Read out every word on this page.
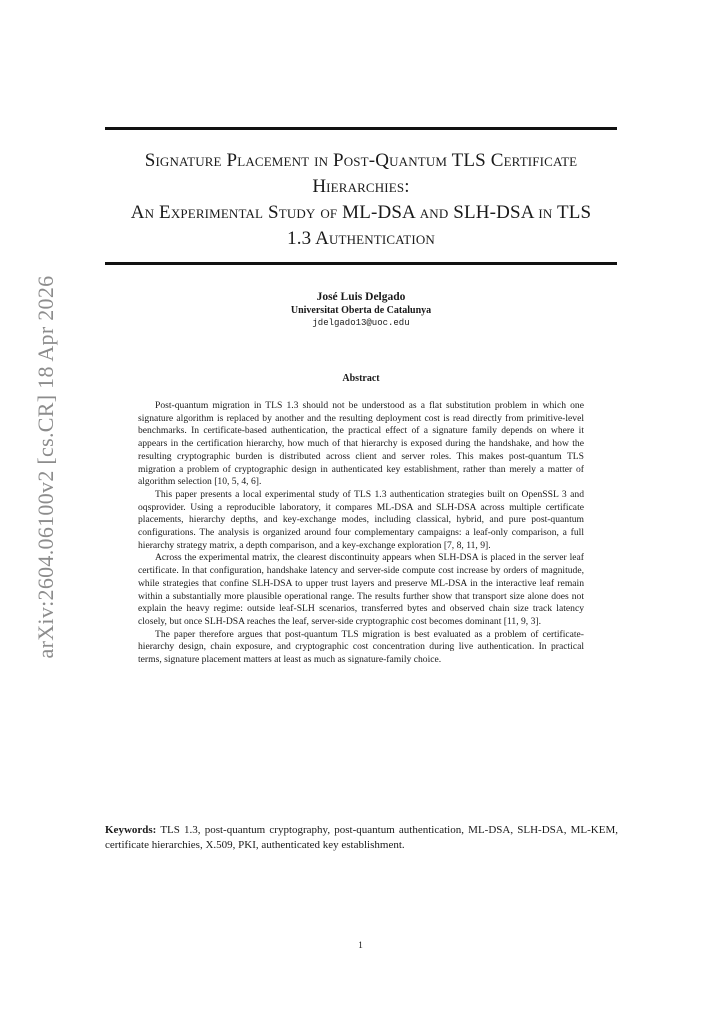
arXiv:2604.06100v2 [cs.CR] 18 Apr 2026
Signature Placement in Post-Quantum TLS Certificate
Hierarchies:
An Experimental Study of ML-DSA and SLH-DSA in TLS
1.3 Authentication
José Luis Delgado
Universitat Oberta de Catalunya
jdelgado13@uoc.edu
Abstract

Post-quantum migration in TLS 1.3 should not be understood as a flat substitution problem in which one signature algorithm is replaced by another and the resulting deployment cost is read directly from primitive-level benchmarks. In certificate-based authentication, the practical effect of a signature family depends on where it appears in the certification hierarchy, how much of that hierarchy is exposed during the handshake, and how the resulting cryptographic burden is distributed across client and server roles. This makes post-quantum TLS migration a problem of cryptographic design in authenticated key establishment, rather than merely a matter of algorithm selection [10, 5, 4, 6].

This paper presents a local experimental study of TLS 1.3 authentication strategies built on OpenSSL 3 and oqsprovider. Using a reproducible laboratory, it compares ML-DSA and SLH-DSA across multiple certificate placements, hierarchy depths, and key-exchange modes, including classical, hybrid, and pure post-quantum configurations. The analysis is organized around four complementary campaigns: a leaf-only comparison, a full hierarchy strategy matrix, a depth comparison, and a key-exchange exploration [7, 8, 11, 9].

Across the experimental matrix, the clearest discontinuity appears when SLH-DSA is placed in the server leaf certificate. In that configuration, handshake latency and server-side compute cost increase by orders of magnitude, while strategies that confine SLH-DSA to upper trust layers and preserve ML-DSA in the interactive leaf remain within a substantially more plausible operational range. The results further show that transport size alone does not explain the heavy regime: outside leaf-SLH scenarios, transferred bytes and observed chain size track latency closely, but once SLH-DSA reaches the leaf, server-side cryptographic cost becomes dominant [11, 9, 3].

The paper therefore argues that post-quantum TLS migration is best evaluated as a problem of certificate-hierarchy design, chain exposure, and cryptographic cost concentration during live authentication. In practical terms, signature placement matters at least as much as signature-family choice.

Keywords: TLS 1.3, post-quantum cryptography, post-quantum authentication, ML-DSA, SLH-DSA, ML-KEM, certificate hierarchies, X.509, PKI, authenticated key establishment.
1
